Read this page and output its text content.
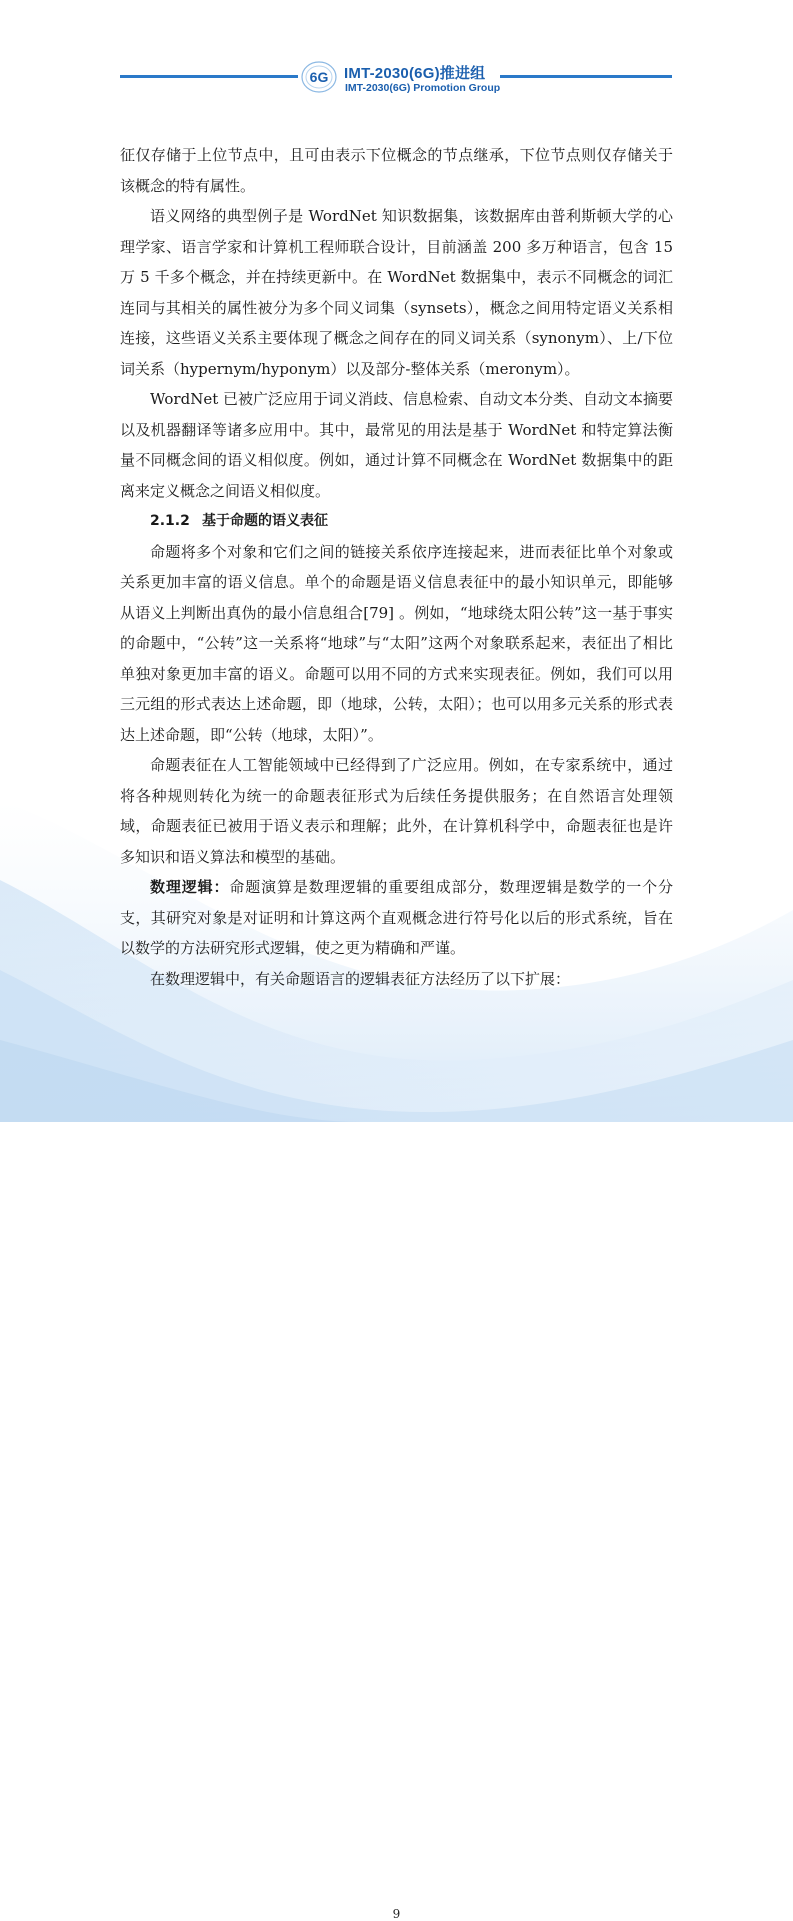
6G IMT-2030(6G)推进组
IMT-2030(6G) Promotion Group

征仅存储于上位节点中，且可由表示下位概念的节点继承，下位节点则仅存储关于该概念的特有属性。

语义网络的典型例子是 WordNet 知识数据集，该数据库由普利斯顿大学的心理学家、语言学家和计算机工程师联合设计，目前涵盖 200 多万种语言，包含 15 万 5 千多个概念，并在持续更新中。在 WordNet 数据集中，表示不同概念的词汇连同与其相关的属性被分为多个同义词集（synsets），概念之间用特定语义关系相连接，这些语义关系主要体现了概念之间存在的同义词关系（synonym）、上/下位词关系（hypernym/hyponym）以及部分-整体关系（meronym）。

WordNet 已被广泛应用于词义消歧、信息检索、自动文本分类、自动文本摘要以及机器翻译等诸多应用中。其中，最常见的用法是基于 WordNet 和特定算法衡量不同概念间的语义相似度。例如，通过计算不同概念在 WordNet 数据集中的距离来定义概念之间语义相似度。

2.1.2 基于命题的语义表征

命题将多个对象和它们之间的链接关系依序连接起来，进而表征比单个对象或关系更加丰富的语义信息。单个的命题是语义信息表征中的最小知识单元，即能够从语义上判断出真伪的最小信息组合[79] 。例如，“地球绕太阳公转”这一基于事实的命题中，“公转”这一关系将“地球”与“太阳”这两个对象联系起来，表征出了相比单独对象更加丰富的语义。命题可以用不同的方式来实现表征。例如，我们可以用三元组的形式表达上述命题，即（地球，公转，太阳）；也可以用多元关系的形式表达上述命题，即“公转（地球，太阳）”。

命题表征在人工智能领域中已经得到了广泛应用。例如，在专家系统中，通过将各种规则转化为统一的命题表征形式为后续任务提供服务；在自然语言处理领域，命题表征已被用于语义表示和理解；此外，在计算机科学中，命题表征也是许多知识和语义算法和模型的基础。

数理逻辑：命题演算是数理逻辑的重要组成部分，数理逻辑是数学的一个分支，其研究对象是对证明和计算这两个直观概念进行符号化以后的形式系统，旨在以数学的方法研究形式逻辑，使之更为精确和严谨。

在数理逻辑中，有关命题语言的逻辑表征方法经历了以下扩展：

9
